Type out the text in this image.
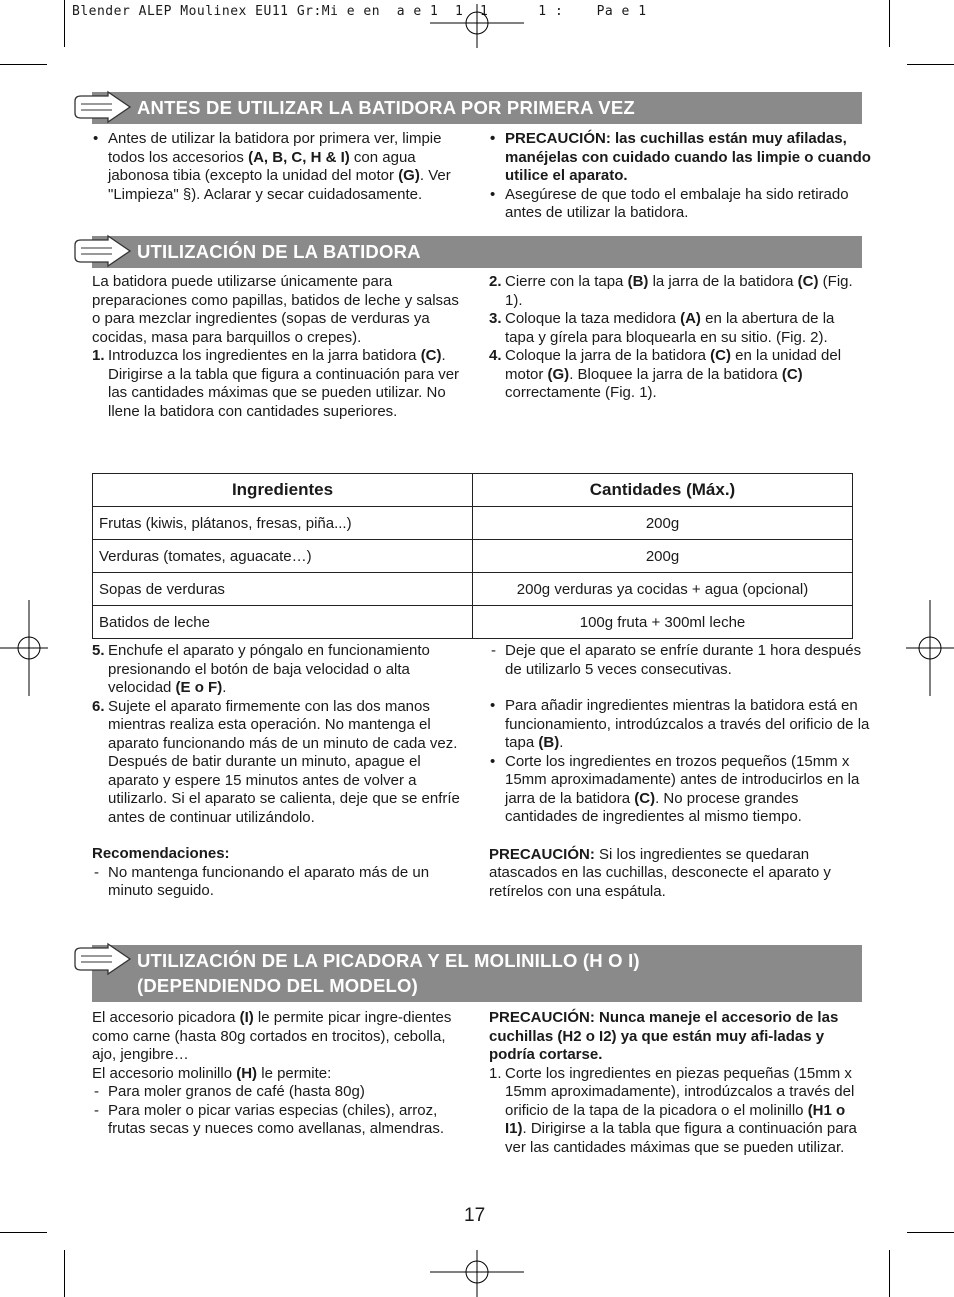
Blender ALEP Moulinex EU11 Gr:Mi e en  a e 1  1  1      1 :    Pa e 1
ANTES DE UTILIZAR LA BATIDORA POR PRIMERA VEZ

• Antes de utilizar la batidora por primera ver, limpie todos los accesorios (A, B, C, H & I) con agua jabonosa tibia (excepto la unidad del motor (G). Ver "Limpieza" §). Aclarar y secar cuidadosamente.

• PRECAUCIÓN: las cuchillas están muy afiladas, manéjelas con cuidado cuando las limpie o cuando utilice el aparato.

• Asegúrese de que todo el embalaje ha sido retirado antes de utilizar la batidora.

UTILIZACIÓN DE LA BATIDORA

La batidora puede utilizarse únicamente para preparaciones como papillas, batidos de leche y salsas o para mezclar ingredientes (sopas de verduras ya cocidas, masa para barquillos o crepes).

1. Introduzca los ingredientes en la jarra batidora (C). Dirigirse a la tabla que figura a continuación para ver las cantidades máximas que se pueden utilizar. No llene la batidora con cantidades superiores.

2. Cierre con la tapa (B) la jarra de la batidora (C) (Fig. 1).

3. Coloque la taza medidora (A) en la abertura de la tapa y gírela para bloquearla en su sitio. (Fig. 2).

4. Coloque la jarra de la batidora (C) en la unidad del motor (G). Bloquee la jarra de la batidora (C) correctamente (Fig. 1).

Ingredientes	Cantidades (Máx.)
Frutas (kiwis, plátanos, fresas, piña...)	200g
Verduras (tomates, aguacate…)	200g
Sopas de verduras	200g verduras ya cocidas + agua (opcional)
Batidos de leche	100g fruta + 300ml leche

5. Enchufe el aparato y póngalo en funcionamiento presionando el botón de baja velocidad o alta velocidad (E o F).

6. Sujete el aparato firmemente con las dos manos mientras realiza esta operación. No mantenga el aparato funcionando más de un minuto de cada vez. Después de batir durante un minuto, apague el aparato y espere 15 minutos antes de volver a utilizarlo. Si el aparato se calienta, deje que se enfríe antes de continuar utilizándolo.

Recomendaciones:

- No mantenga funcionando el aparato más de un minuto seguido.

- Deje que el aparato se enfríe durante 1 hora después de utilizarlo 5 veces consecutivas.

• Para añadir ingredientes mientras la batidora está en funcionamiento, introdúzcalos a través del orificio de la tapa (B).

• Corte los ingredientes en trozos pequeños (15mm x 15mm aproximadamente) antes de introducirlos en la jarra de la batidora (C). No procese grandes cantidades de ingredientes al mismo tiempo.

PRECAUCIÓN: Si los ingredientes se quedaran atascados en las cuchillas, desconecte el aparato y retírelos con una espátula.

UTILIZACIÓN DE LA PICADORA Y EL MOLINILLO (H O I)
(DEPENDIENDO DEL MODELO)

El accesorio picadora (I) le permite picar ingre-dientes como carne (hasta 80g cortados en trocitos), cebolla, ajo, jengibre…

El accesorio molinillo (H) le permite:

- Para moler granos de café (hasta 80g)

- Para moler o picar varias especias (chiles), arroz, frutas secas y nueces como avellanas, almendras.

PRECAUCIÓN: Nunca maneje el accesorio de las cuchillas (H2 o I2) ya que están muy afi-ladas y podría cortarse.

1. Corte los ingredientes en piezas pequeñas (15mm x 15mm aproximadamente), introdúzcalos a través del orificio de la tapa de la picadora o el molinillo (H1 o I1). Dirigirse a la tabla que figura a continuación para ver las cantidades máximas que se pueden utilizar.

17
